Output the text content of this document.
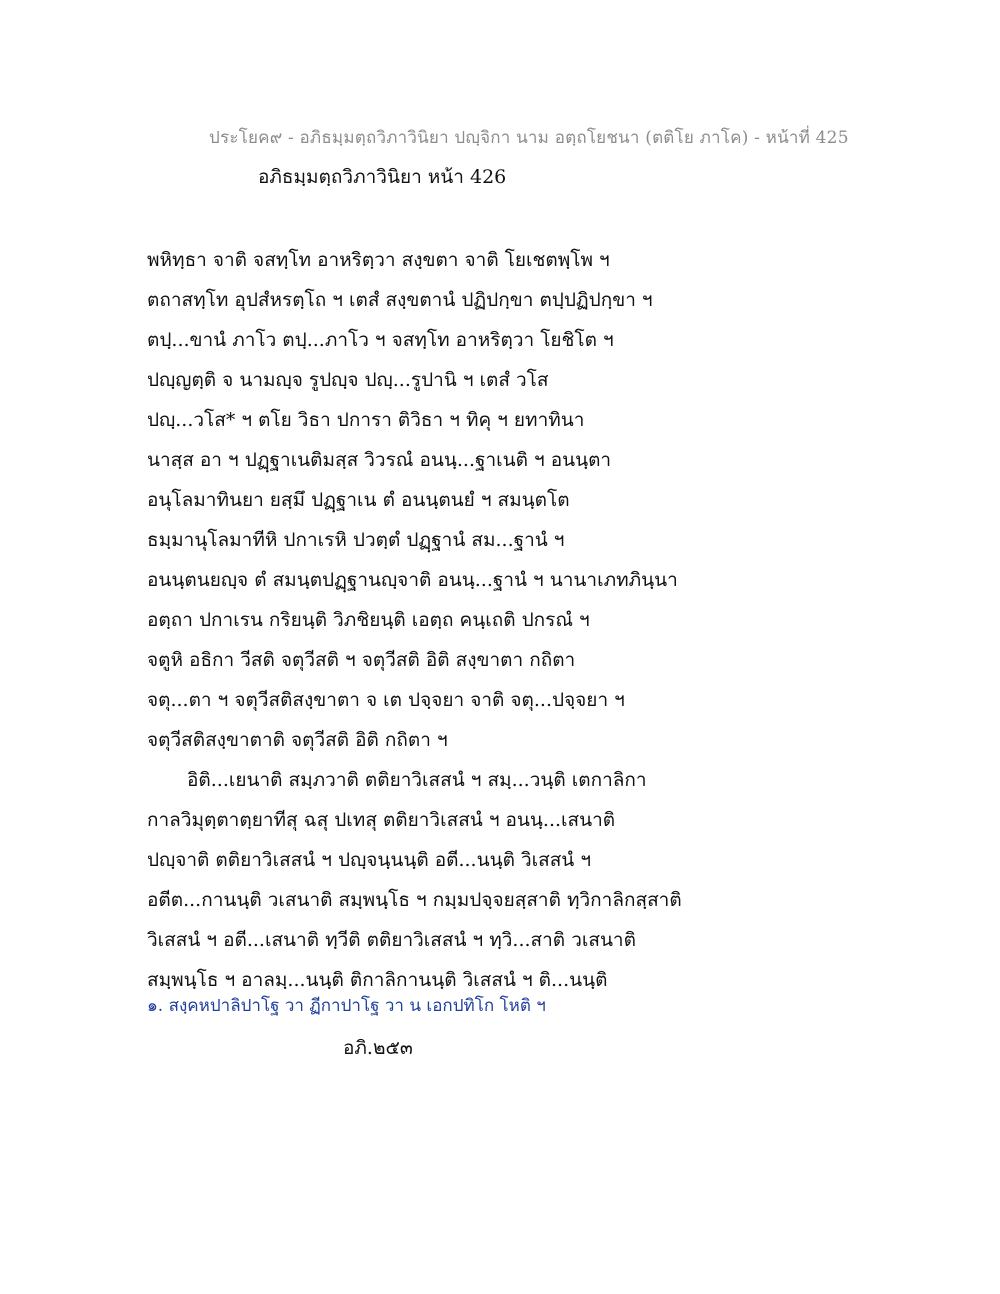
ประโยค๙ - อภิธมฺมตฺถวิภาวินิยา ปญฺจิกา นาม อตฺถโยชนา (ตติโย ภาโค) - หน้าที่ 425
อภิธมฺมตฺถวิภาวินิยา หน้า 426
พหิทฺธา จาติ จสทฺโท อาหริตฺวา สงฺขตา จาติ โยเชตพฺโพ ฯ
ตถาสทฺโท อุปสํหรตฺโถ ฯ เตสํ สงฺขตานํ ปฏิปกฺขา ตปฺปฏิปกฺขา ฯ
ตปฺ...ขานํ ภาโว ตปฺ...ภาโว ฯ จสทฺโท อาหริตฺวา โยชิโต ฯ
ปญฺญตฺติ จ นามญฺจ รูปญฺจ ปญฺ...รูปานิ ฯ เตสํ วโส
ปญฺ...วโส* ฯ ตโย วิธา ปการา ติวิธา ฯ ทิคุ ฯ ยทาทินา
นาสฺส อา ฯ ปฏฺฐาเนติมสฺส วิวรณํ อนนฺ...ฐาเนติ ฯ อนนฺตา
อนุโลมาทินยา ยสฺมึ ปฏฺฐาเน ตํ อนนฺตนยํ ฯ สมนฺตโต
ธมฺมานุโลมาทีหิ ปกาเรหิ ปวตฺตํ ปฏฺฐานํ สม...ฐานํ ฯ
อนนฺตนยญฺจ ตํ สมนฺตปฏฺฐานญฺจาติ อนนฺ...ฐานํ ฯ นานาเภทภินฺนา
อตฺถา ปกาเรน กริยนฺติ วิภชิยนฺติ เอตฺถ คนฺเถติ ปกรณํ ฯ
จตูหิ อธิกา วีสติ จตุวีสติ ฯ จตุวีสติ อิติ สงฺขาตา กถิตา
จตุ...ตา ฯ จตุวีสติสงฺขาตา จ เต ปจฺจยา จาติ จตุ...ปจฺจยา ฯ
จตุวีสติสงฺขาตาติ จตุวีสติ อิติ กถิตา ฯ
อิติ...เยนาติ สมฺภวาติ ตติยาวิเสสนํ ฯ สมฺ...วนฺติ เตกาลิกา
กาลวิมุตฺตาตฺยาทีสุ ฉสุ ปเทสุ ตติยาวิเสสนํ ฯ อนนฺ...เสนาติ
ปญฺจาติ ตติยาวิเสสนํ ฯ ปญฺจนฺนนฺติ อตี...นนฺติ วิเสสนํ ฯ
อตีต...กานนฺติ วเสนาติ สมฺพนฺโธ ฯ กมฺมปจฺจยสฺสาติ ทฺวิกาลิกสฺสาติ
วิเสสนํ ฯ อตี...เสนาติ ทฺวีติ ตติยาวิเสสนํ ฯ ทฺวิ...สาติ วเสนาติ
สมฺพนฺโธ ฯ อาลมฺ...นนฺติ ติกาลิกานนฺติ วิเสสนํ ฯ ติ...นนฺติ
๑. สงฺคหปาลิปาโฐ วา ฏีกาปาโฐ วา น เอกปทิโก โหติ ฯ
อภิ.๒๕๓
